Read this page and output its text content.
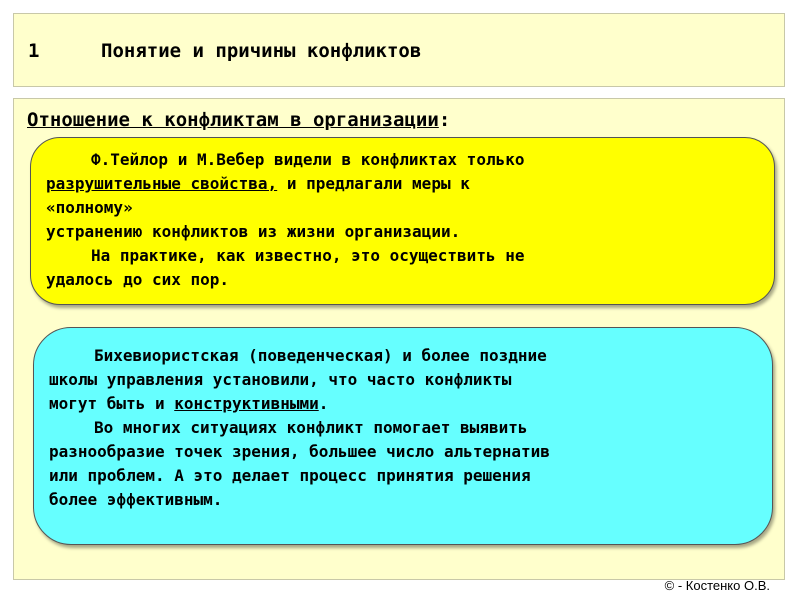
1	Понятие и причины конфликтов
Отношение к конфликтам в организации:

Ф.Тейлор и М.Вебер видели в конфликтах только

разрушительные свойства, и предлагали меры к

«полному»

устранению конфликтов из жизни организации.

На практике, как известно, это осуществить не

удалось до сих пор.

Бихевиористская (поведенческая) и более поздние

школы управления установили, что часто конфликты

могут быть и конструктивными.

Во многих ситуациях конфликт помогает выявить

разнообразие точек зрения, большее число альтернатив

или проблем. А это делает процесс принятия решения

более эффективным.

© - Костенко О.В.
